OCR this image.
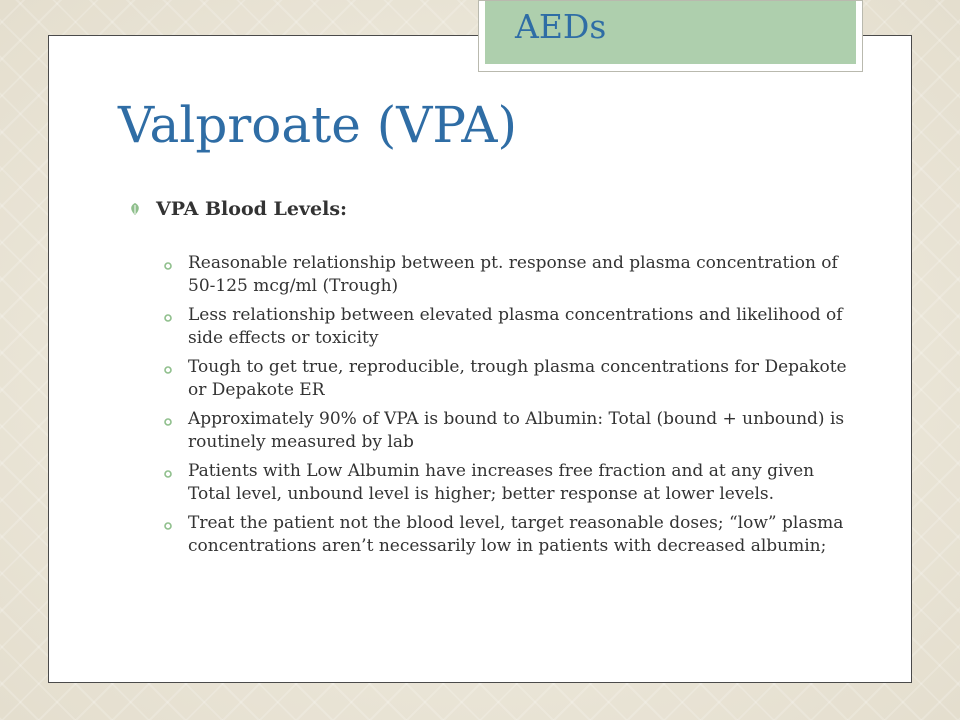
AEDs
Valproate (VPA)
VPA Blood Levels:
Reasonable relationship between pt. response and plasma concentration of 50-125 mcg/ml (Trough)
Less relationship between elevated plasma concentrations and likelihood of side effects or toxicity
Tough to get true, reproducible, trough plasma concentrations for Depakote or Depakote ER
Approximately 90% of VPA is bound to Albumin: Total (bound + unbound) is routinely measured by lab
Patients with Low Albumin have increases free fraction and at any given Total level, unbound level is higher; better response at lower levels.
Treat the patient not the blood level, target reasonable doses; “low” plasma concentrations aren’t necessarily low in patients with decreased albumin;
